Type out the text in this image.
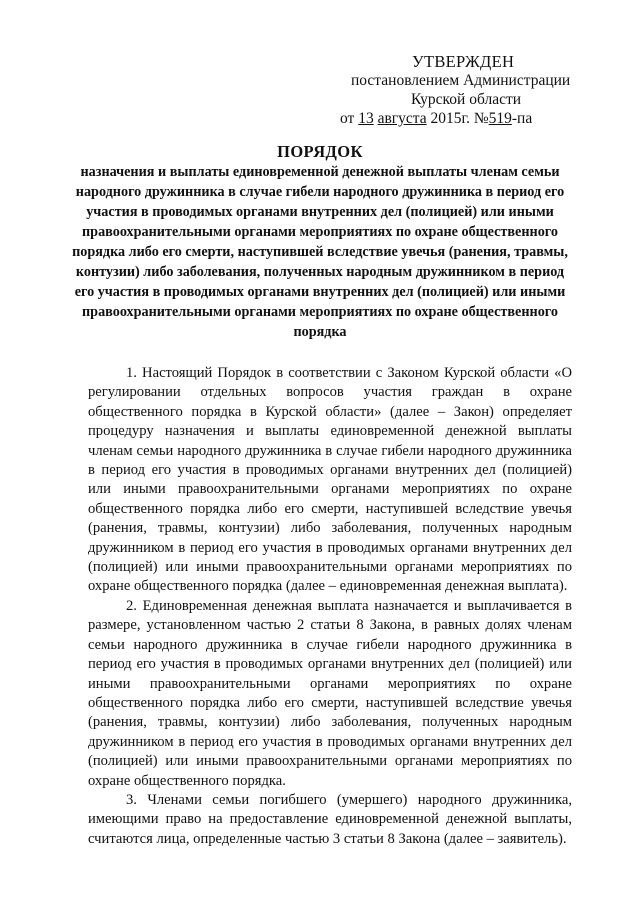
УТВЕРЖДЕН
постановлением Администрации
Курской области
от 13 августа 2015г. №519-па
ПОРЯДОК
назначения и выплаты единовременной денежной выплаты членам семьи народного дружинника в случае гибели народного дружинника в период его участия в проводимых органами внутренних дел (полицией) или иными правоохранительными органами мероприятиях по охране общественного порядка либо его смерти, наступившей вследствие увечья (ранения, травмы, контузии) либо заболевания, полученных народным дружинником в период его участия в проводимых органами внутренних дел (полицией) или иными правоохранительными органами мероприятиях по охране общественного порядка

1. Настоящий Порядок в соответствии с Законом Курской области «О регулировании отдельных вопросов участия граждан в охране общественного порядка в Курской области» (далее – Закон) определяет процедуру назначения и выплаты единовременной денежной выплаты членам семьи народного дружинника в случае гибели народного дружинника в период его участия в проводимых органами внутренних дел (полицией) или иными правоохранительными органами мероприятиях по охране общественного порядка либо его смерти, наступившей вследствие увечья (ранения, травмы, контузии) либо заболевания, полученных народным дружинником в период его участия в проводимых органами внутренних дел (полицией) или иными правоохранительными органами мероприятиях по охране общественного порядка (далее – единовременная денежная выплата).

2. Единовременная денежная выплата назначается и выплачивается в размере, установленном частью 2 статьи 8 Закона, в равных долях членам семьи народного дружинника в случае гибели народного дружинника в период его участия в проводимых органами внутренних дел (полицией) или иными правоохранительными органами мероприятиях по охране общественного порядка либо его смерти, наступившей вследствие увечья (ранения, травмы, контузии) либо заболевания, полученных народным дружинником в период его участия в проводимых органами внутренних дел (полицией) или иными правоохранительными органами мероприятиях по охране общественного порядка.

3. Членами семьи погибшего (умершего) народного дружинника, имеющими право на предоставление единовременной денежной выплаты, считаются лица, определенные частью 3 статьи 8 Закона (далее – заявитель).
